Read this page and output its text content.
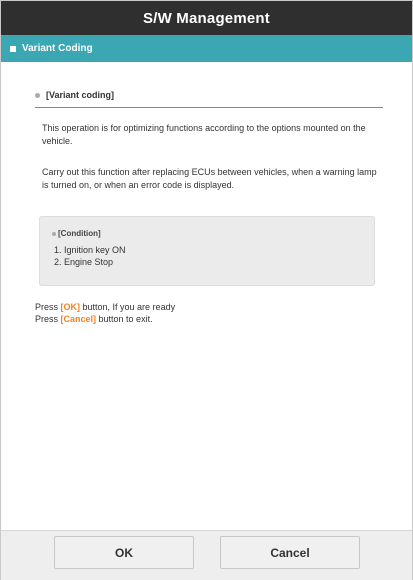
S/W Management
Variant Coding
[Variant coding]
This operation is for optimizing functions according to the options mounted on the vehicle.
Carry out this function after replacing ECUs between vehicles, when a warning lamp is turned on, or when an error code is displayed.
[Condition]
1. Ignition key ON
2. Engine Stop
Press [OK] button, If you are ready
Press [Cancel] button to exit.
OK	Cancel
